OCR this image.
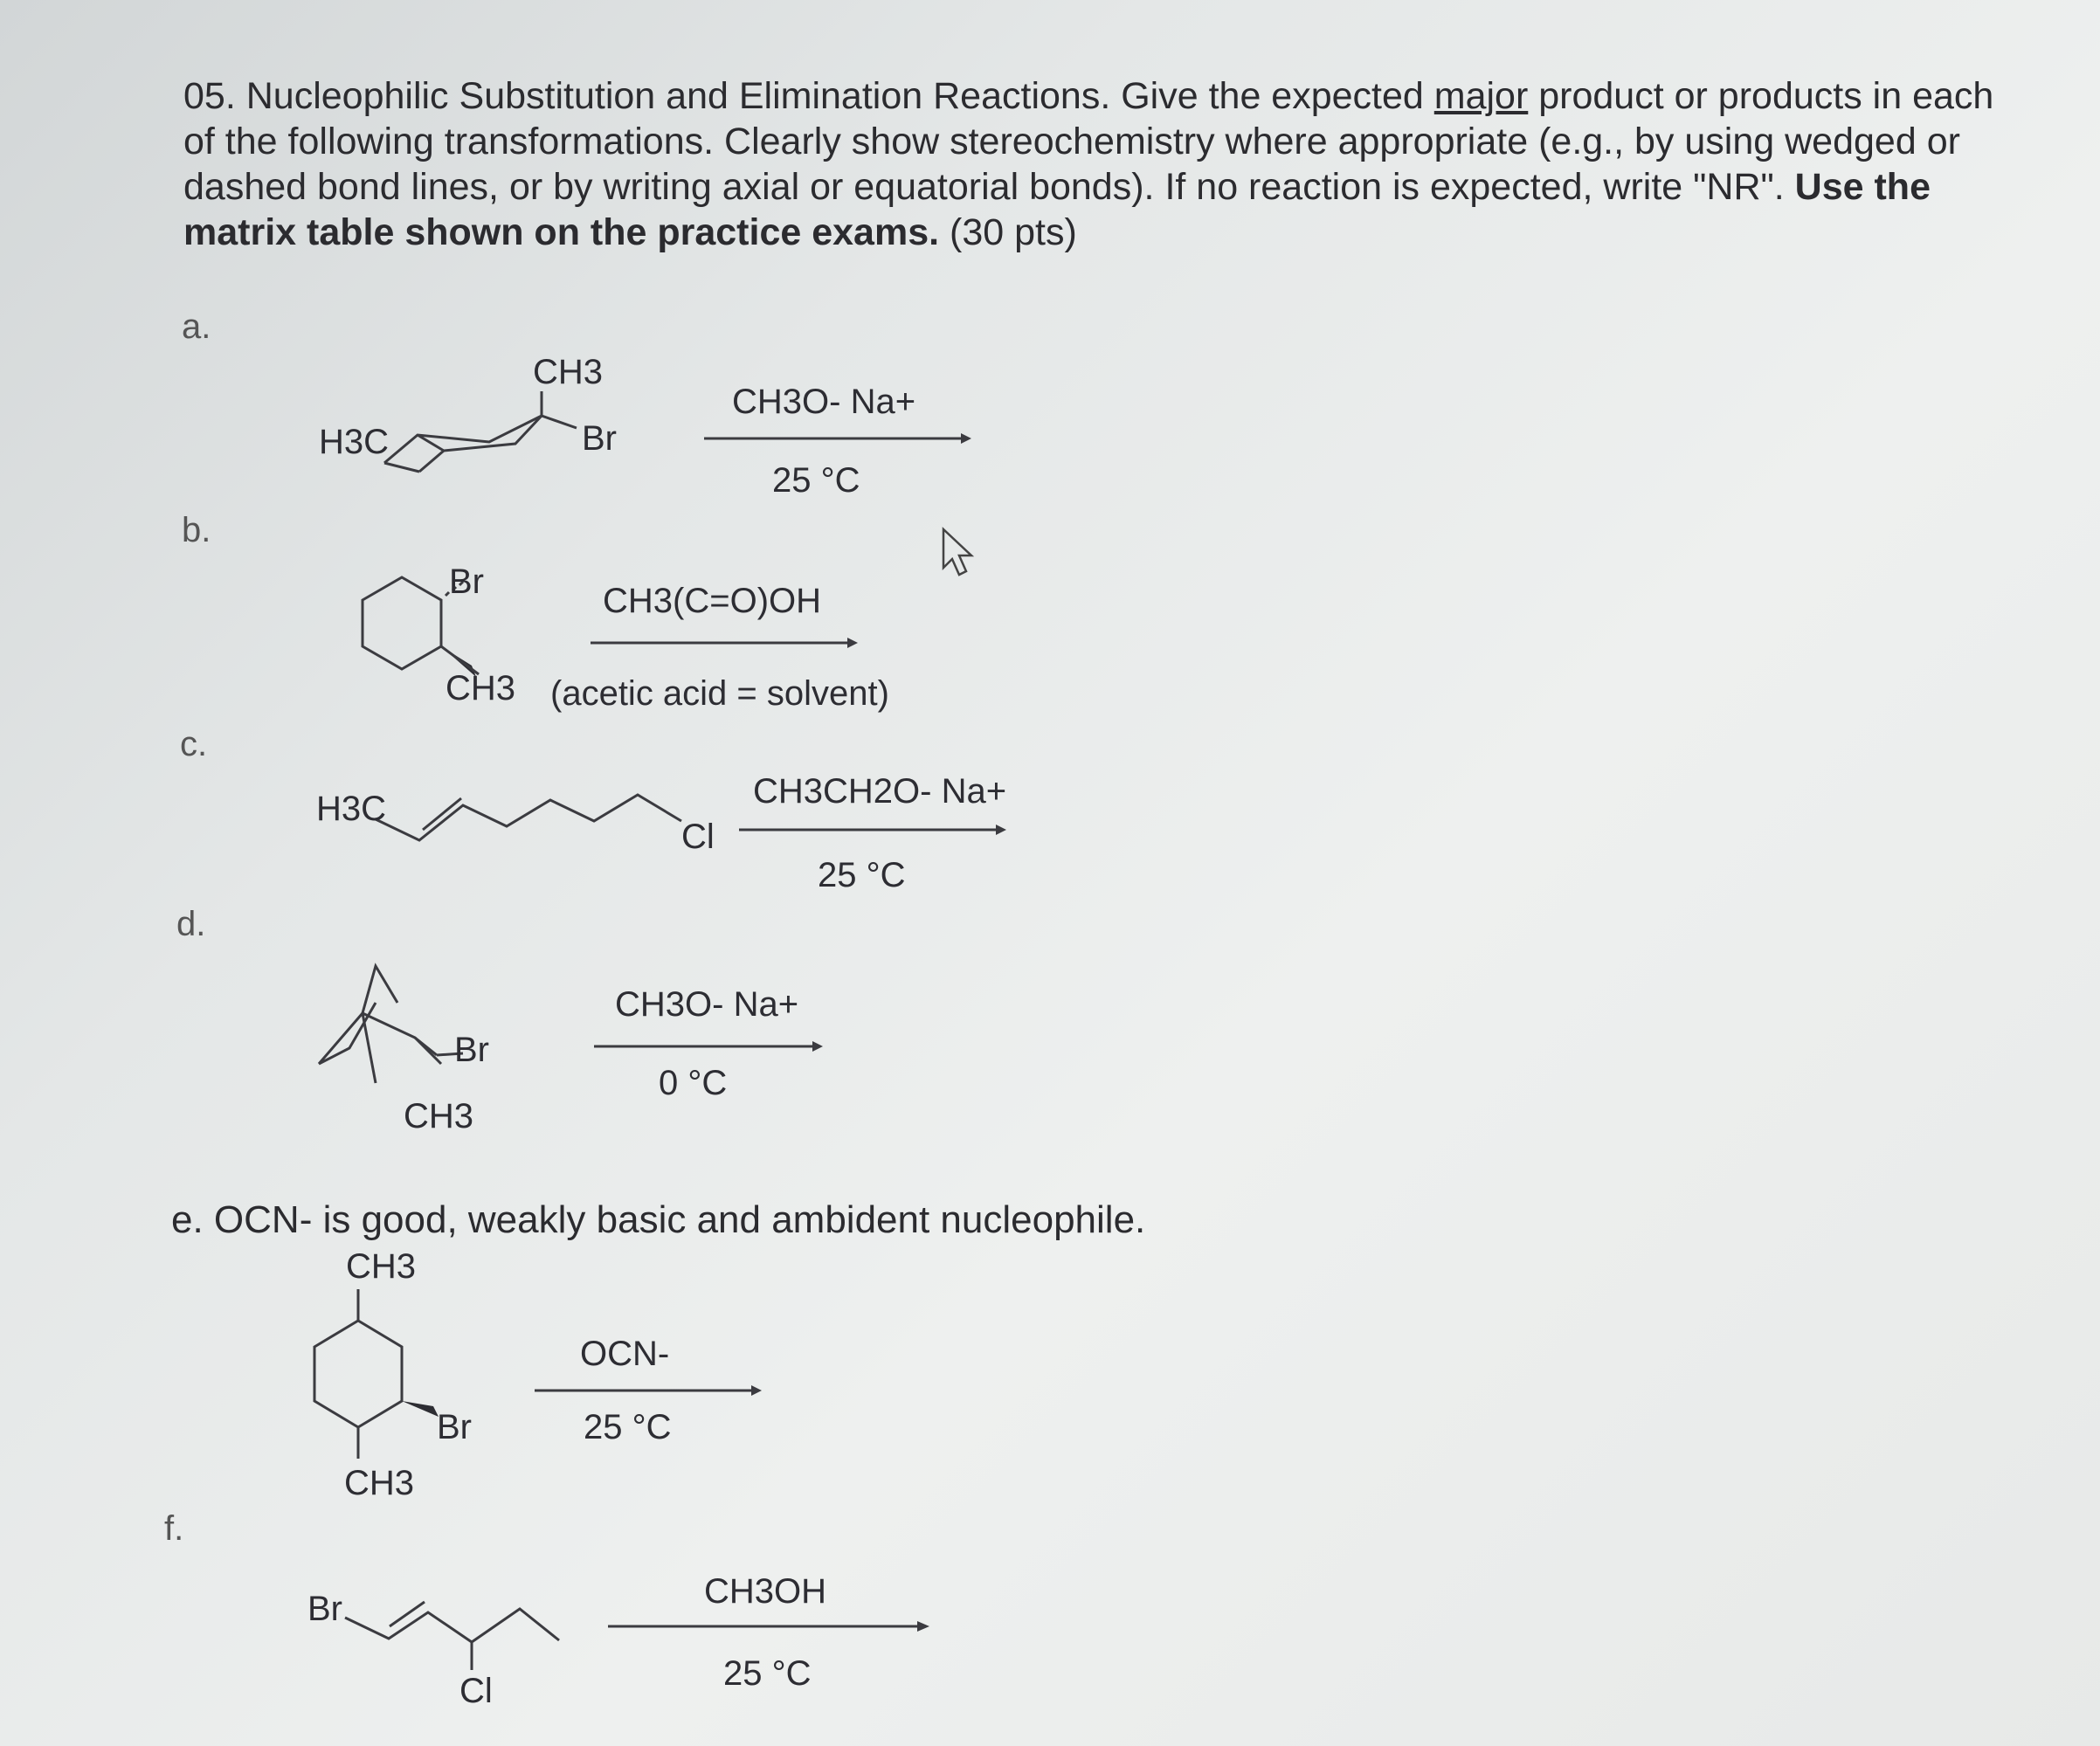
05. Nucleophilic Substitution and Elimination Reactions. Give the expected major product or products in each of the following transformations. Clearly show stereochemistry where appropriate (e.g., by using wedged or dashed bond lines, or by writing axial or equatorial bonds). If no reaction is expected, write "NR". Use the matrix table shown on the practice exams. (30 pts)
a.
b.
c.
d.
f.
H3C
CH3
Br
CH3O- Na+
25 °C
Br
CH3
CH3(C=O)OH
(acetic acid = solvent)
H3C
Cl
CH3CH2O- Na+
25 °C
Br
CH3
CH3O- Na+
0 °C
e. OCN- is good, weakly basic and ambident nucleophile.
CH3
Br
CH3
OCN-
25 °C
Br
Cl
CH3OH
25 °C
